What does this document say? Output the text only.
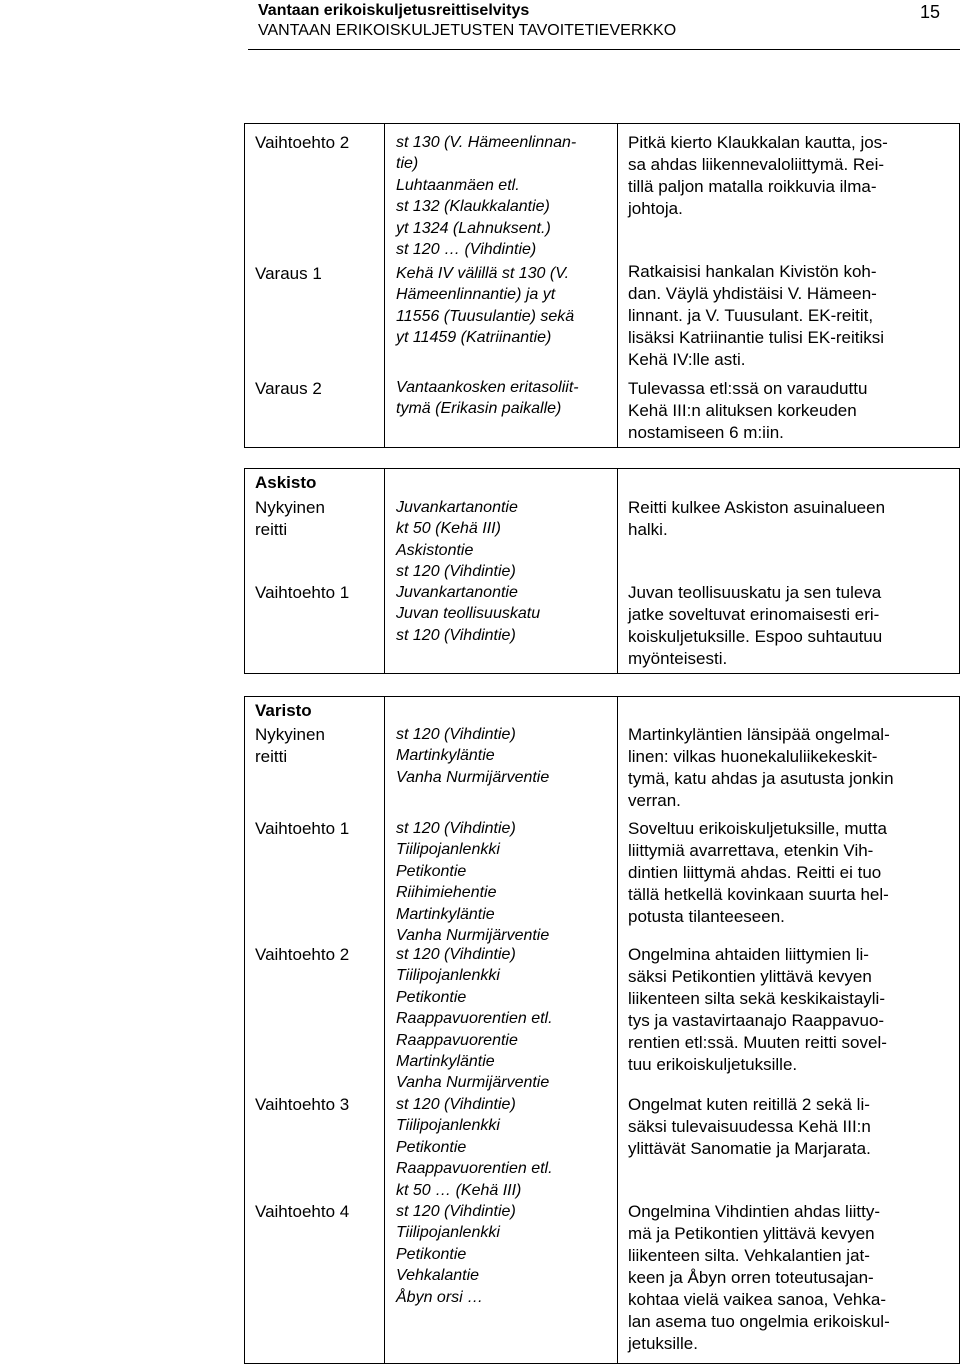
Vantaan erikoiskuljetusreittiselvitys
VANTAAN ERIKOISKULJETUSTEN TAVOITETIEVERKKO
15
Vaihtoehto 2
Varaus 1
Varaus 2
st 130 (V. Hämeenlinnan-
tie)
Luhtaanmäen etl.
st 132 (Klaukkalantie)
yt 1324 (Lahnuksent.)
st 120 … (Vihdintie)
Kehä IV välillä st 130 (V.
Hämeenlinnantie) ja yt
11556 (Tuusulantie) sekä
yt 11459 (Katriinantie)
Vantaankosken eritasoliit-
tymä (Erikasin paikalle)
Pitkä kierto Klaukkalan kautta, jos-
sa ahdas liikennevaloliittymä. Rei-
tillä paljon matalla roikkuvia ilma-
johtoja.
Ratkaisisi hankalan Kivistön koh-
dan. Väylä yhdistäisi V. Hämeen-
linnant. ja V. Tuusulant. EK-reitit,
lisäksi Katriinantie tulisi EK-reitiksi
Kehä IV:lle asti.
Tulevassa etl:ssä on varauduttu
Kehä III:n alituksen korkeuden
nostamiseen 6 m:iin.
Askisto
Nykyinen
reitti
Vaihtoehto 1
Juvankartanontie
kt 50 (Kehä III)
Askistontie
st 120 (Vihdintie)
Juvankartanontie
Juvan teollisuuskatu
st 120 (Vihdintie)
Reitti kulkee Askiston asuinalueen
halki.
Juvan teollisuuskatu ja sen tuleva
jatke soveltuvat erinomaisesti eri-
koiskuljetuksille. Espoo suhtautuu
myönteisesti.
Varisto
Nykyinen
reitti
Vaihtoehto 1
Vaihtoehto 2
Vaihtoehto 3
Vaihtoehto 4
st 120 (Vihdintie)
Martinkyläntie
Vanha Nurmijärventie
st 120 (Vihdintie)
Tiilipojanlenkki
Petikontie
Riihimiehentie
Martinkyläntie
Vanha Nurmijärventie
st 120 (Vihdintie)
Tiilipojanlenkki
Petikontie
Raappavuorentien etl.
Raappavuorentie
Martinkyläntie
Vanha Nurmijärventie
st 120 (Vihdintie)
Tiilipojanlenkki
Petikontie
Raappavuorentien etl.
kt 50 … (Kehä III)
st 120 (Vihdintie)
Tiilipojanlenkki
Petikontie
Vehkalantie
Åbyn orsi …
Martinkyläntien länsipää ongelmal-
linen: vilkas huonekaluliikekeskit-
tymä, katu ahdas ja asutusta jonkin
verran.
Soveltuu erikoiskuljetuksille, mutta
liittymiä avarrettava, etenkin Vih-
dintien liittymä ahdas. Reitti ei tuo
tällä hetkellä kovinkaan suurta hel-
potusta tilanteeseen.
Ongelmina ahtaiden liittymien li-
säksi Petikontien ylittävä kevyen
liikenteen silta sekä keskikaistayli-
tys ja vastavirtaanajo Raappavuo-
rentien etl:ssä. Muuten reitti sovel-
tuu erikoiskuljetuksille.
Ongelmat kuten reitillä 2 sekä li-
säksi tulevaisuudessa Kehä III:n
ylittävät Sanomatie ja Marjarata.
Ongelmina Vihdintien ahdas liitty-
mä ja Petikontien ylittävä kevyen
liikenteen silta. Vehkalantien jat-
keen ja Åbyn orren toteutusajan-
kohtaa vielä vaikea sanoa, Vehka-
lan asema tuo ongelmia erikoiskul-
jetuksille.
